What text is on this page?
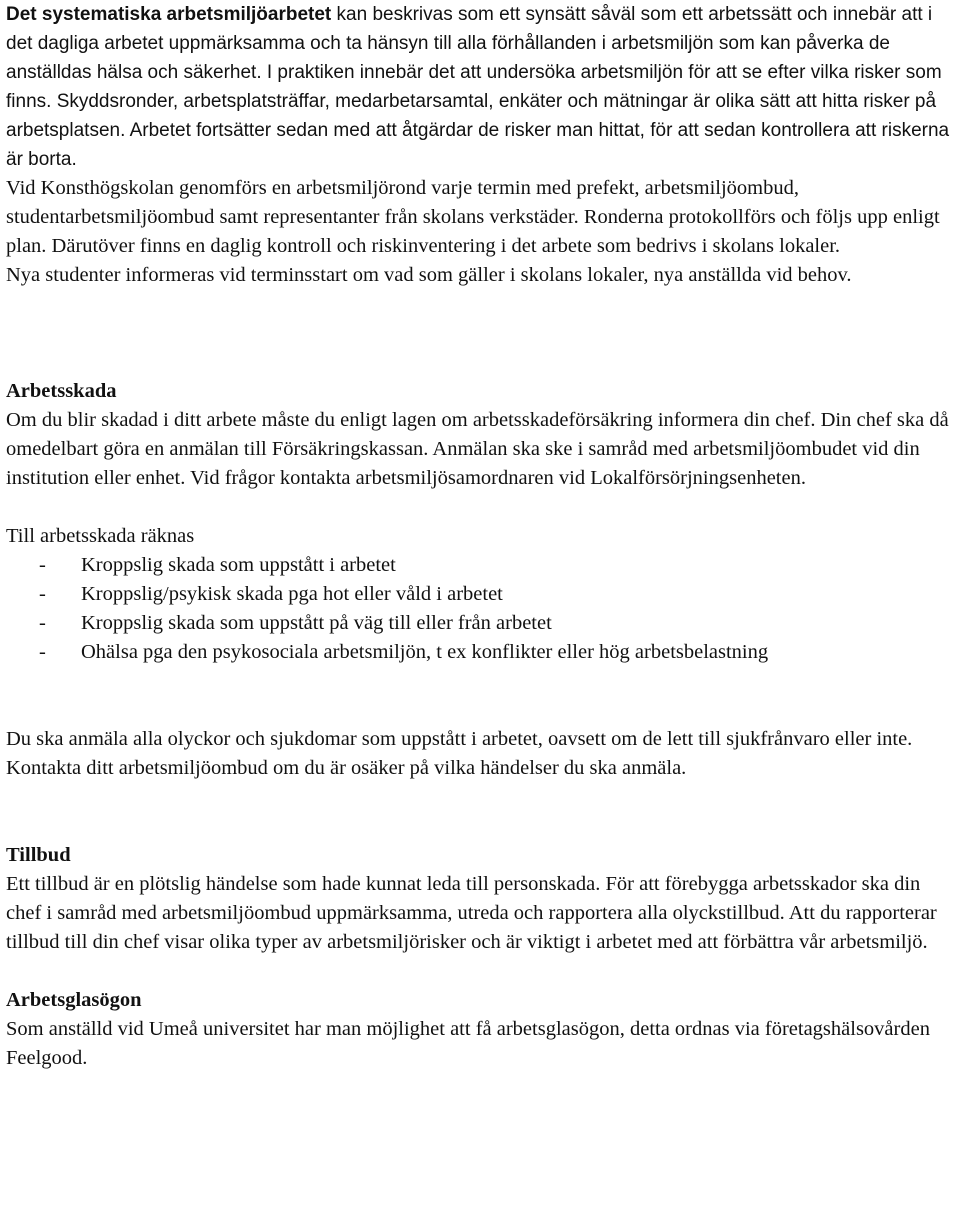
Det systematiska arbetsmiljöarbetet kan beskrivas som ett synsätt såväl som ett arbetssätt och innebär att i det dagliga arbetet uppmärksamma och ta hänsyn till alla förhållanden i arbetsmiljön som kan påverka de anställdas hälsa och säkerhet. I praktiken innebär det att undersöka arbetsmiljön för att se efter vilka risker som finns. Skyddsronder, arbetsplatsträffar, medarbetarsamtal, enkäter och mätningar är olika sätt att hitta risker på arbetsplatsen. Arbetet fortsätter sedan med att åtgärdar de risker man hittat, för att sedan kontrollera att riskerna är borta.

Vid Konsthögskolan genomförs en arbetsmiljörond varje termin med prefekt, arbetsmiljöombud, studentarbetsmiljöombud samt representanter från skolans verkstäder. Ronderna protokollförs och följs upp enligt plan. Därutöver finns en daglig kontroll och riskinventering i det arbete som bedrivs i skolans lokaler.

Nya studenter informeras vid terminsstart om vad som gäller i skolans lokaler, nya anställda vid behov.

Arbetsskada

Om du blir skadad i ditt arbete måste du enligt lagen om arbetsskadeförsäkring informera din chef. Din chef ska då omedelbart göra en anmälan till Försäkringskassan. Anmälan ska ske i samråd med arbetsmiljöombudet vid din institution eller enhet. Vid frågor kontakta arbetsmiljösamordnaren vid Lokalförsörjningsenheten.

Till arbetsskada räknas

- Kroppslig skada som uppstått i arbetet
- Kroppslig/psykisk skada pga hot eller våld i arbetet
- Kroppslig skada som uppstått på väg till eller från arbetet
- Ohälsa pga den psykosociala arbetsmiljön, t ex konflikter eller hög arbetsbelastning

Du ska anmäla alla olyckor och sjukdomar som uppstått i arbetet, oavsett om de lett till sjukfrånvaro eller inte.

Kontakta ditt arbetsmiljöombud om du är osäker på vilka händelser du ska anmäla.

Tillbud

Ett tillbud är en plötslig händelse som hade kunnat leda till personskada. För att förebygga arbetsskador ska din chef i samråd med arbetsmiljöombud uppmärksamma, utreda och rapportera alla olyckstillbud. Att du rapporterar tillbud till din chef visar olika typer av arbetsmiljörisker och är viktigt i arbetet med att förbättra vår arbetsmiljö.

Arbetsglasögon

Som anställd vid Umeå universitet har man möjlighet att få arbetsglasögon, detta ordnas via företagshälsovården Feelgood.
